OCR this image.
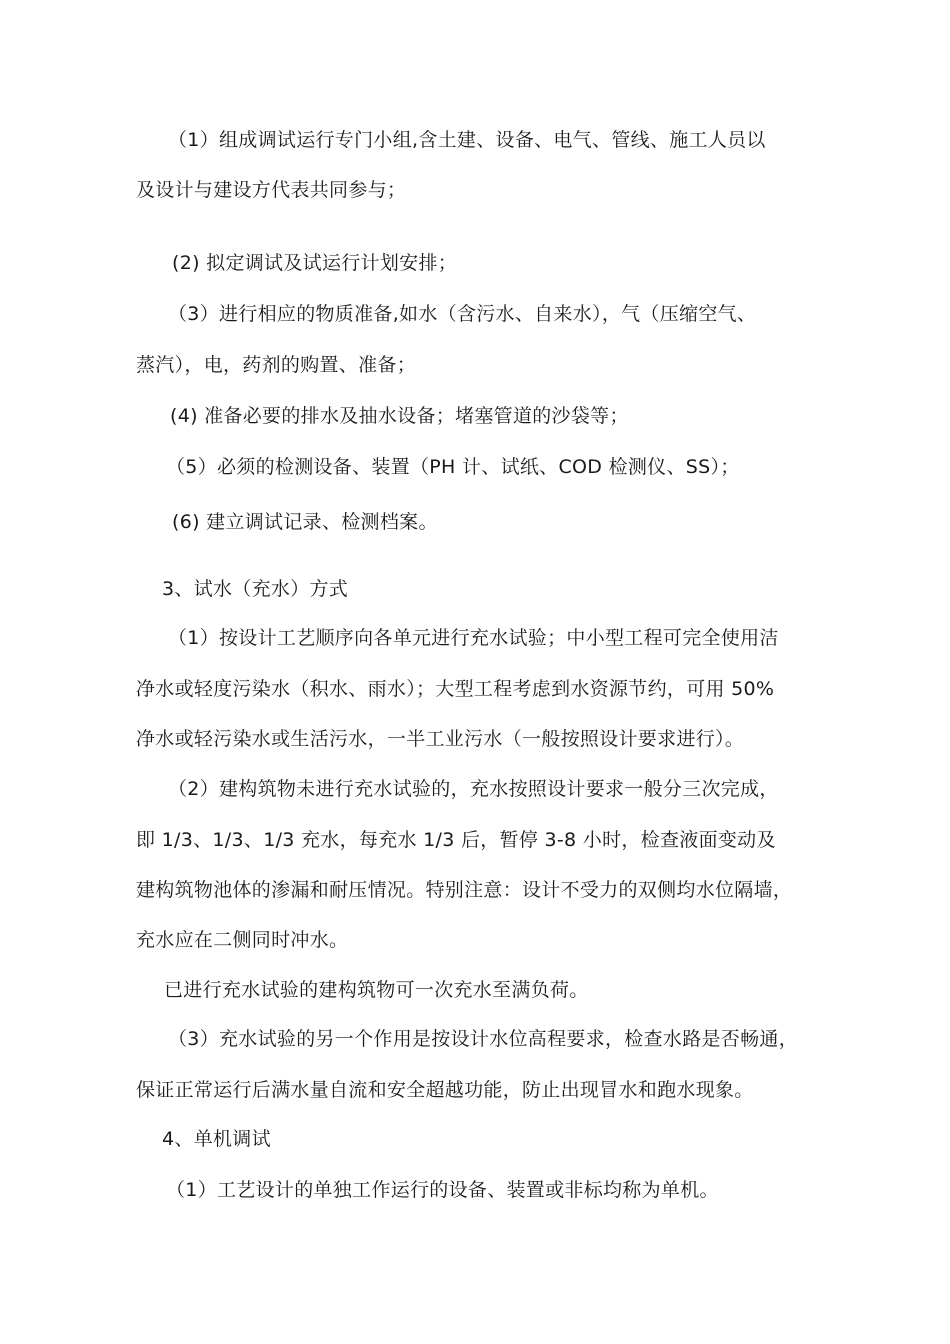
（1）组成调试运行专门小组,含土建、设备、电气、管线、施工人员以
及设计与建设方代表共同参与；
(2) 拟定调试及试运行计划安排；
（3）进行相应的物质准备,如水（含污水、自来水），气（压缩空气、
蒸汽），电，药剂的购置、准备；
(4) 准备必要的排水及抽水设备；堵塞管道的沙袋等；
（5）必须的检测设备、装置（PH 计、试纸、COD 检测仪、SS）；
(6) 建立调试记录、检测档案。
3、试水（充水）方式
（1）按设计工艺顺序向各单元进行充水试验；中小型工程可完全使用洁
净水或轻度污染水（积水、雨水）；大型工程考虑到水资源节约，可用 50%
净水或轻污染水或生活污水，一半工业污水（一般按照设计要求进行）。
（2）建构筑物未进行充水试验的，充水按照设计要求一般分三次完成，
即 1/3、1/3、1/3 充水，每充水 1/3 后，暂停 3-8 小时，检查液面变动及
建构筑物池体的渗漏和耐压情况。特别注意：设计不受力的双侧均水位隔墙，
充水应在二侧同时冲水。
已进行充水试验的建构筑物可一次充水至满负荷。
（3）充水试验的另一个作用是按设计水位高程要求，检查水路是否畅通，
保证正常运行后满水量自流和安全超越功能，防止出现冒水和跑水现象。
4、单机调试
（1）工艺设计的单独工作运行的设备、装置或非标均称为单机。
